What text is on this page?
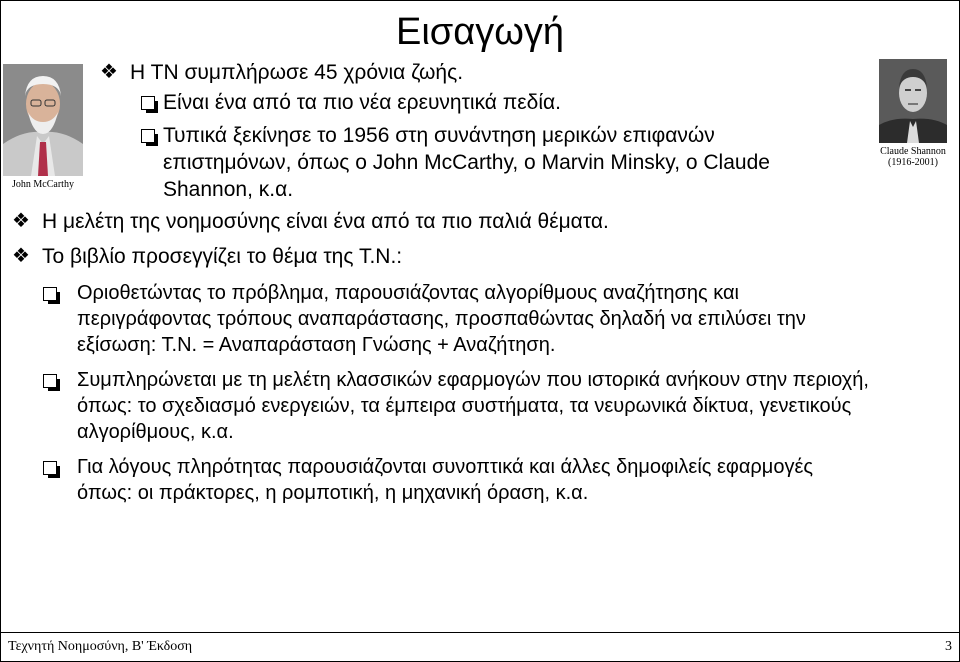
Εισαγωγή
John McCarthy
Claude Shannon
(1916-2001)
❖ Η ΤΝ συμπλήρωσε 45 χρόνια ζωής.
Είναι ένα από τα πιο νέα ερευνητικά πεδία.
Τυπικά ξεκίνησε το 1956 στη συνάντηση μερικών επιφανών
επιστημόνων, όπως ο John McCarthy, ο Marvin Minsky, ο Claude
Shannon, κ.α.
❖ Η μελέτη της νοημοσύνης είναι ένα από τα πιο παλιά θέματα.
❖ Το βιβλίο προσεγγίζει το θέμα της Τ.Ν.:
Οριοθετώντας το πρόβλημα, παρουσιάζοντας αλγορίθμους αναζήτησης και
περιγράφοντας τρόπους αναπαράστασης, προσπαθώντας δηλαδή να επιλύσει την
εξίσωση: Τ.Ν. = Αναπαράσταση Γνώσης + Αναζήτηση.
Συμπληρώνεται με τη μελέτη κλασσικών εφαρμογών που ιστορικά ανήκουν στην περιοχή,
όπως: το σχεδιασμό ενεργειών, τα έμπειρα συστήματα, τα νευρωνικά δίκτυα, γενετικούς
αλγορίθμους, κ.α.
Για λόγους πληρότητας παρουσιάζονται συνοπτικά και άλλες δημοφιλείς εφαρμογές
όπως: οι πράκτορες, η ρομποτική, η μηχανική όραση, κ.α.
Τεχνητή Νοημοσύνη, Β' Έκδοση	3
